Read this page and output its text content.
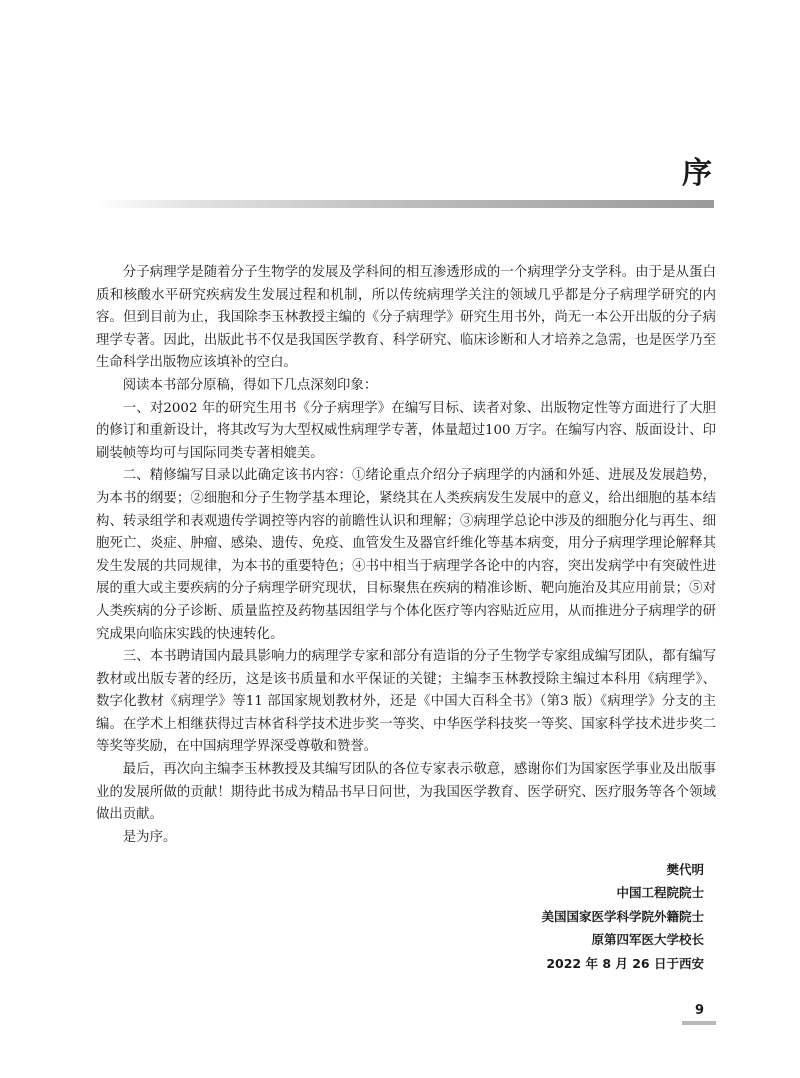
序

分子病理学是随着分子生物学的发展及学科间的相互渗透形成的一个病理学分支学科。由于是从蛋白质和核酸水平研究疾病发生发展过程和机制，所以传统病理学关注的领域几乎都是分子病理学研究的内容。但到目前为止，我国除李玉林教授主编的《分子病理学》研究生用书外，尚无一本公开出版的分子病理学专著。因此，出版此书不仅是我国医学教育、科学研究、临床诊断和人才培养之急需，也是医学乃至生命科学出版物应该填补的空白。

阅读本书部分原稿，得如下几点深刻印象：

一、对2002 年的研究生用书《分子病理学》在编写目标、读者对象、出版物定性等方面进行了大胆的修订和重新设计，将其改写为大型权威性病理学专著，体量超过100 万字。在编写内容、版面设计、印刷装帧等均可与国际同类专著相媲美。

二、精修编写目录以此确定该书内容：①绪论重点介绍分子病理学的内涵和外延、进展及发展趋势，为本书的纲要；②细胞和分子生物学基本理论，紧绕其在人类疾病发生发展中的意义，给出细胞的基本结构、转录组学和表观遗传学调控等内容的前瞻性认识和理解；③病理学总论中涉及的细胞分化与再生、细胞死亡、炎症、肿瘤、感染、遗传、免疫、血管发生及器官纤维化等基本病变，用分子病理学理论解释其发生发展的共同规律，为本书的重要特色；④书中相当于病理学各论中的内容，突出发病学中有突破性进展的重大或主要疾病的分子病理学研究现状，目标聚焦在疾病的精准诊断、靶向施治及其应用前景；⑤对人类疾病的分子诊断、质量监控及药物基因组学与个体化医疗等内容贴近应用，从而推进分子病理学的研究成果向临床实践的快速转化。

三、本书聘请国内最具影响力的病理学专家和部分有造诣的分子生物学专家组成编写团队，都有编写教材或出版专著的经历，这是该书质量和水平保证的关键；主编李玉林教授除主编过本科用《病理学》、数字化教材《病理学》等11 部国家规划教材外，还是《中国大百科全书》（第3 版）《病理学》分支的主编。在学术上相继获得过吉林省科学技术进步奖一等奖、中华医学科技奖一等奖、国家科学技术进步奖二等奖等奖励，在中国病理学界深受尊敬和赞誉。

最后，再次向主编李玉林教授及其编写团队的各位专家表示敬意，感谢你们为国家医学事业及出版事业的发展所做的贡献！期待此书成为精品书早日问世，为我国医学教育、医学研究、医疗服务等各个领域做出贡献。

是为序。

樊代明
中国工程院院士
美国国家医学科学院外籍院士
原第四军医大学校长
2022 年 8 月 26 日于西安
9
